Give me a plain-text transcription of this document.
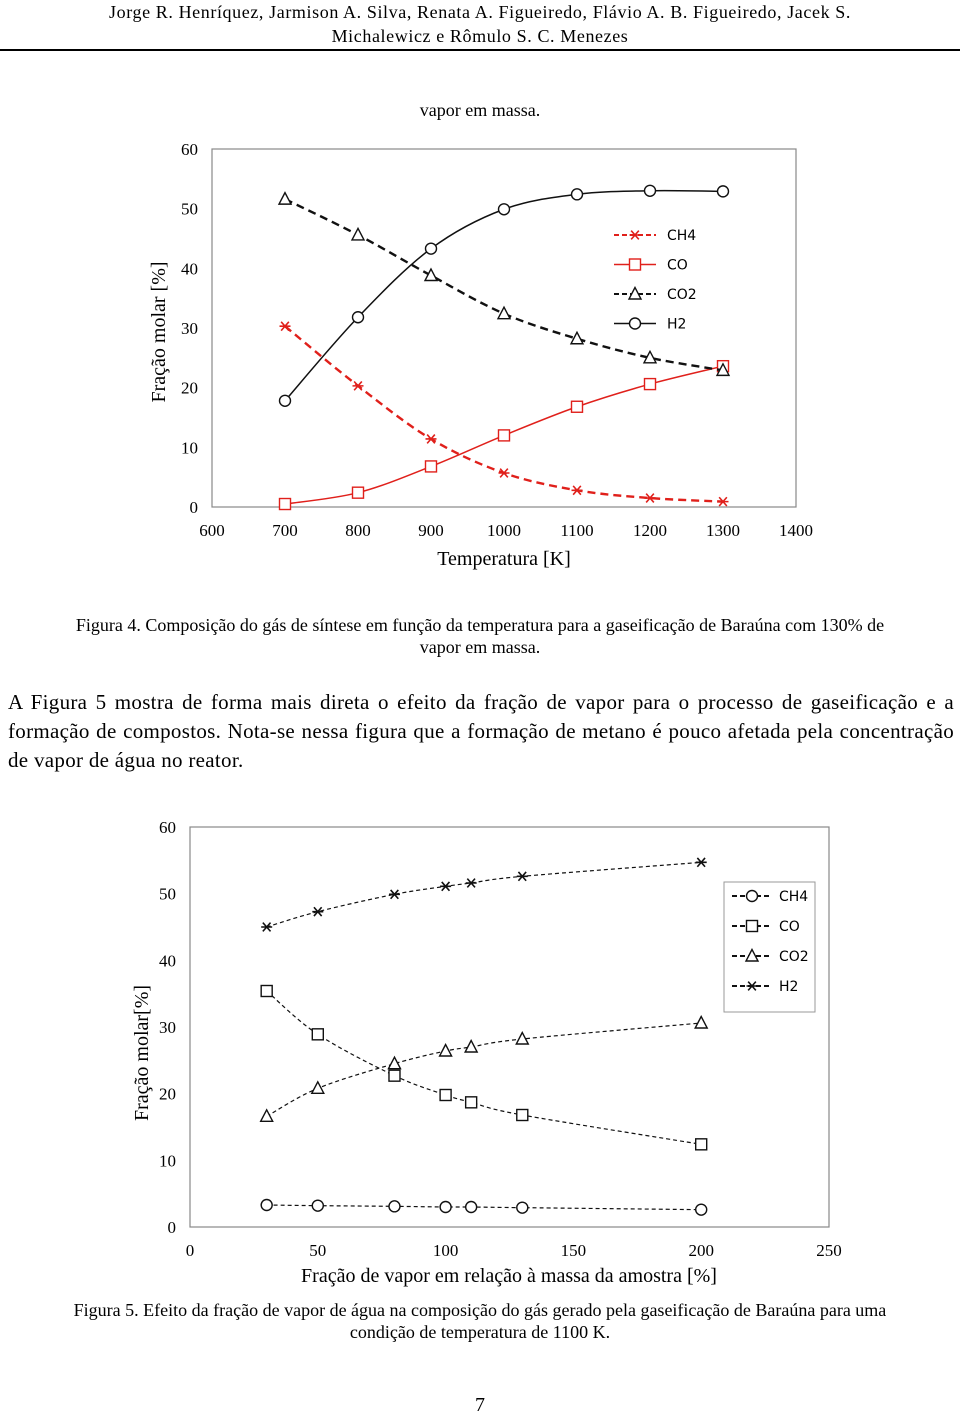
Jorge R. Henríquez, Jarmison A. Silva, Renata A. Figueiredo, Flávio A. B. Figueiredo, Jacek S.
Michalewicz e Rômulo S. C. Menezes
vapor em massa.
0
10
20
30
40
50
60
600	700	800	900	1000 1100 1200 1300 1400
Temperatura [K]
Fração molar [%]
CH4
CO
CO2
H2
Figura 4. Composição do gás de síntese em função da temperatura para a gaseificação de Baraúna com 130% de
vapor em massa.
A Figura 5 mostra de forma mais direta o efeito da fração de vapor para o processo de gaseificação e a formação de compostos. Nota-se nessa figura que a formação de metano é pouco afetada pela concentração de vapor de água no reator.
0
10
20
30
40
50
60
0	50	100	150	200	250
Fração de vapor em relação à massa da amostra [%]
Fração molar[%]
CH4
CO
CO2
H2
Figura 5. Efeito da fração de vapor de água na composição do gás gerado pela gaseificação de Baraúna para uma
condição de temperatura de 1100 K.
7
